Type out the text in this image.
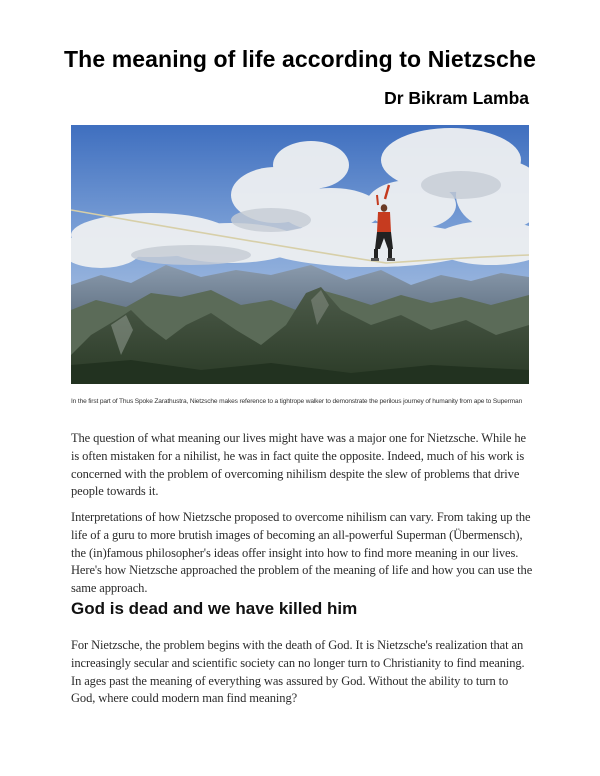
The meaning of life according to Nietzsche
Dr Bikram Lamba
In the first part of Thus Spoke Zarathustra, Nietzsche makes reference to a tightrope walker to demonstrate the perilous journey of humanity from ape to Superman
The question of what meaning our lives might have was a major one for Nietzsche. While he is often mistaken for a nihilist, he was in fact quite the opposite. Indeed, much of his work is concerned with the problem of overcoming nihilism despite the slew of problems that drive people towards it.
Interpretations of how Nietzsche proposed to overcome nihilism can vary. From taking up the life of a guru to more brutish images of becoming an all-powerful Superman (Übermensch), the (in)famous philosopher's ideas offer insight into how to find more meaning in our lives. Here's how Nietzsche approached the problem of the meaning of life and how you can use the same approach.
God is dead and we have killed him
For Nietzsche, the problem begins with the death of God. It is Nietzsche's realization that an increasingly secular and scientific society can no longer turn to Christianity to find meaning. In ages past the meaning of everything was assured by God. Without the ability to turn to God, where could modern man find meaning?
